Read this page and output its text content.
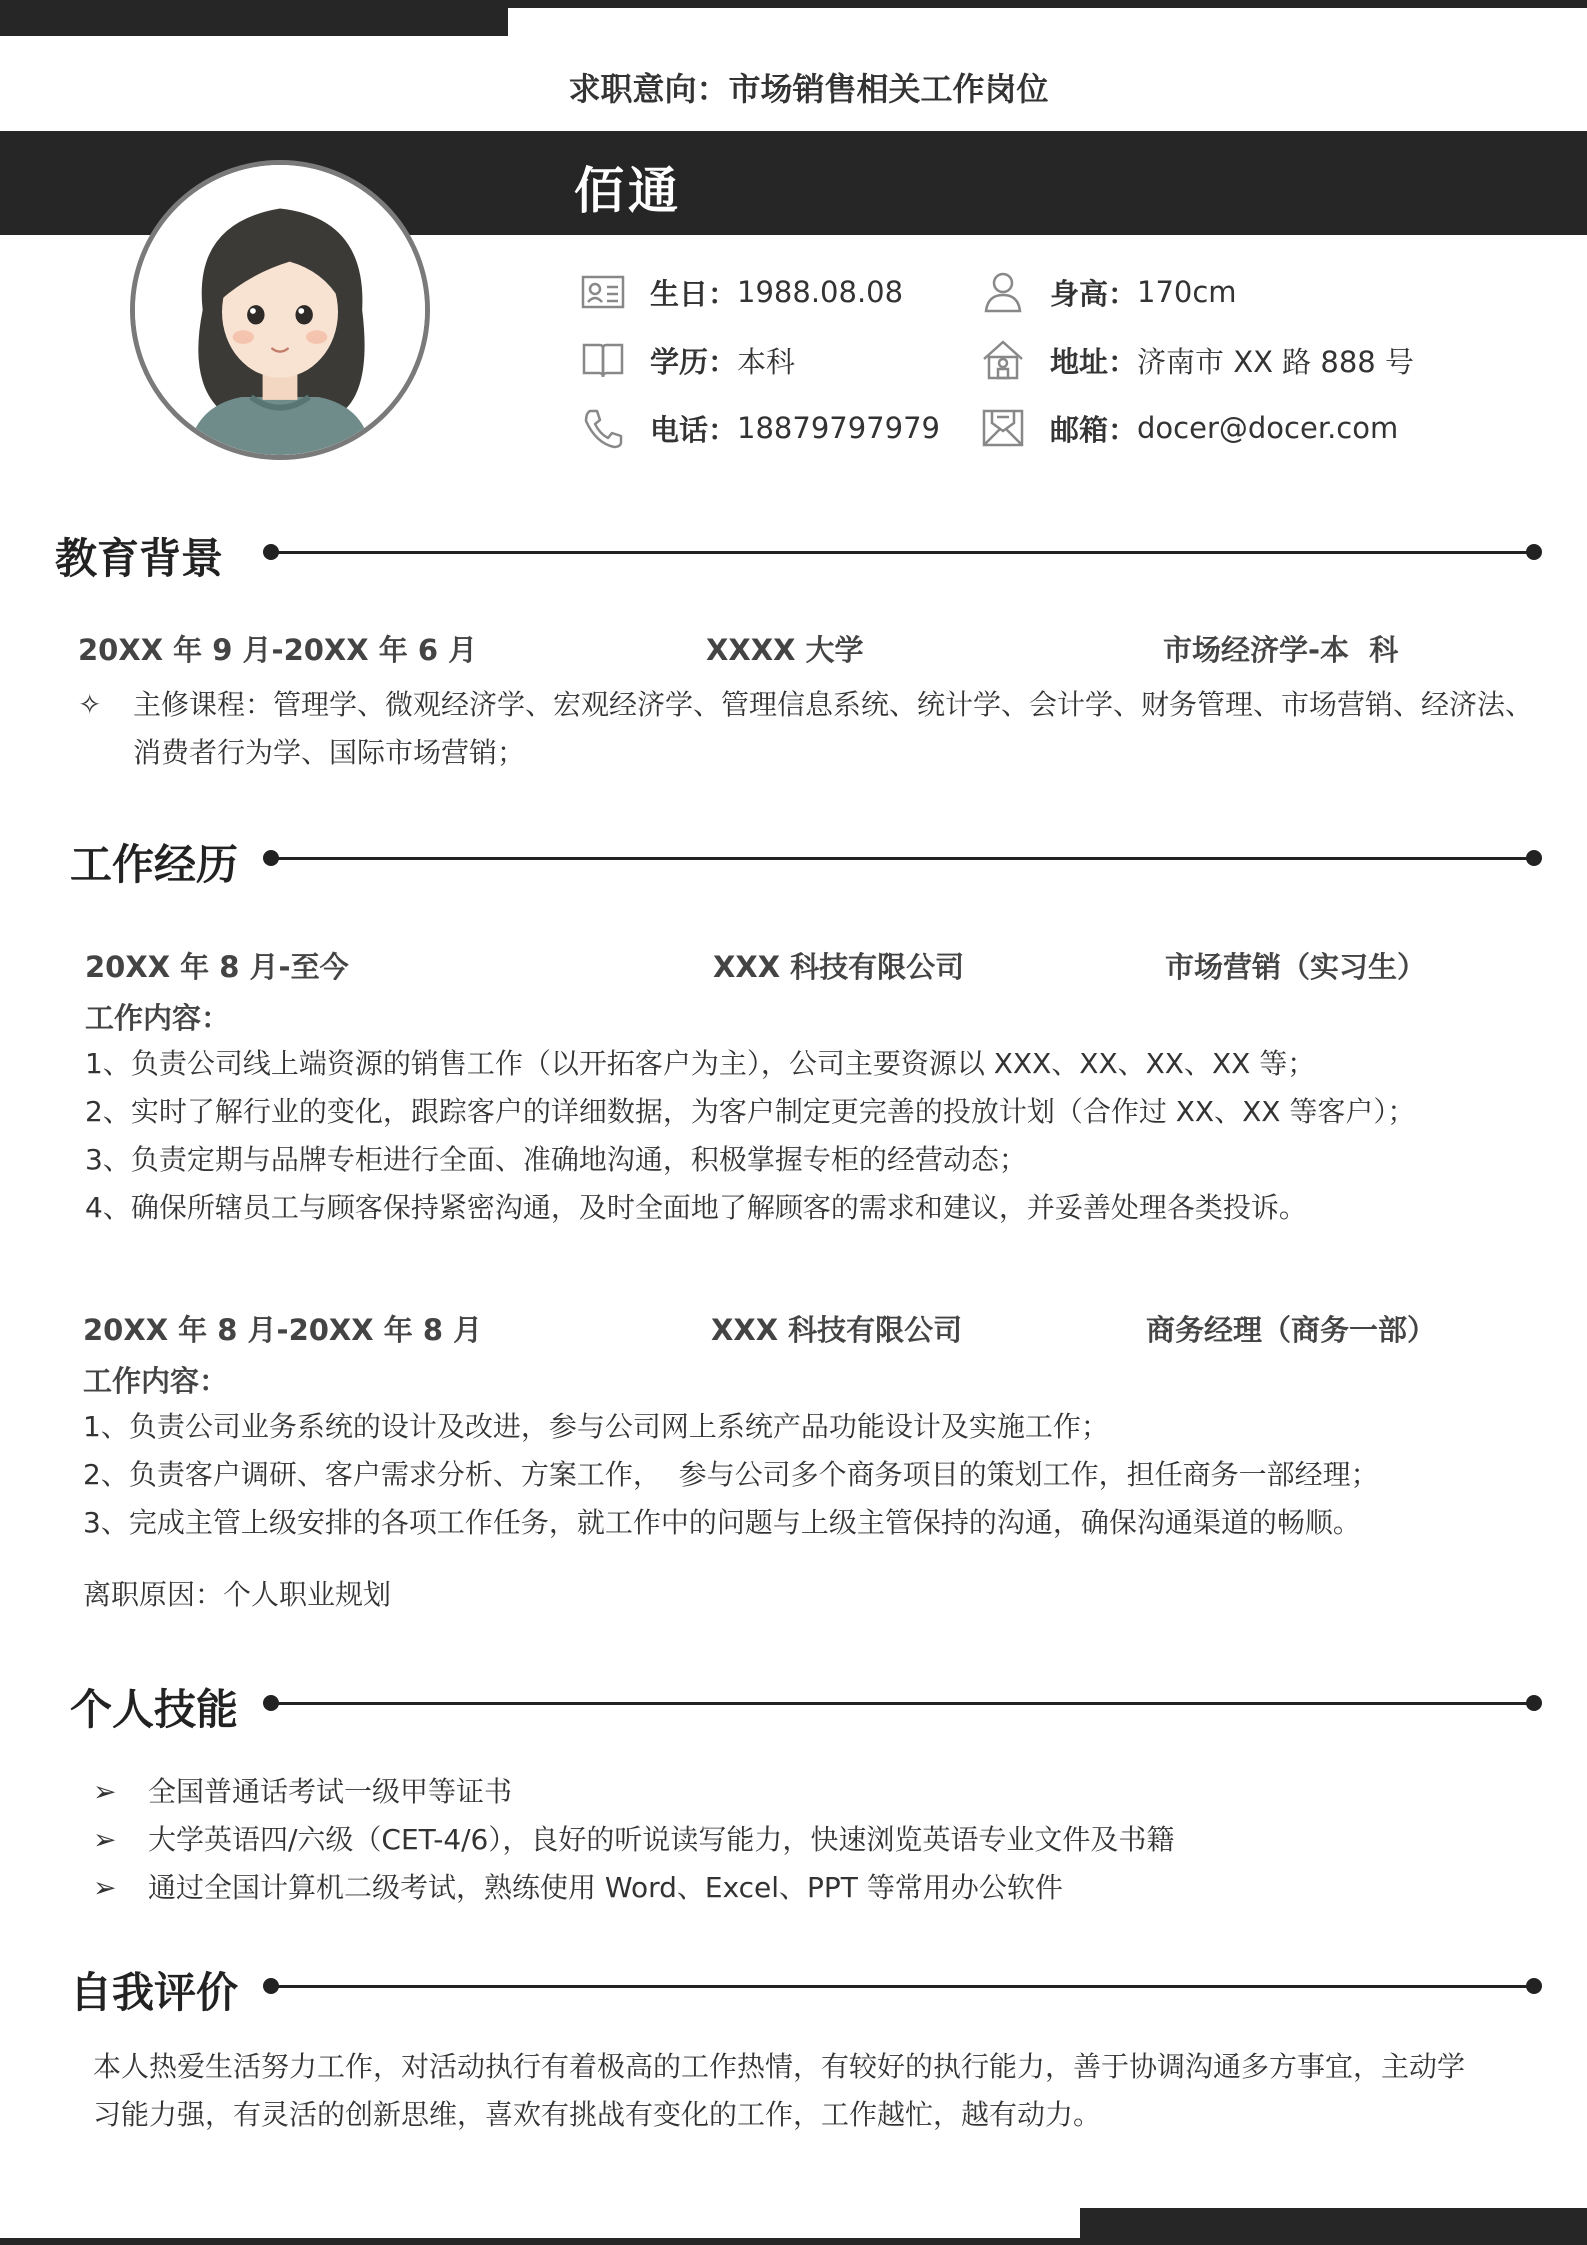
求职意向：市场销售相关工作岗位
佰通
生日： 1988.08.08
学历： 本科
电话： 18879797979
身高： 170cm
地址： 济南市 XX 路 888 号
邮箱： docer@docer.com
教育背景
20XX 年 9 月-20XX 年 6 月	XXXX 大学	市场经济学-本  科
✧ 主修课程：管理学、微观经济学、宏观经济学、管理信息系统、统计学、会计学、财务管理、市场营销、经济法、
消费者行为学、国际市场营销；
工作经历
20XX 年 8 月-至今	XXX 科技有限公司	市场营销（实习生）
工作内容：
1、负责公司线上端资源的销售工作（以开拓客户为主），公司主要资源以 XXX、XX、XX、XX 等；
2、实时了解行业的变化，跟踪客户的详细数据，为客户制定更完善的投放计划（合作过 XX、XX 等客户）；
3、负责定期与品牌专柜进行全面、准确地沟通，积极掌握专柜的经营动态；
4、确保所辖员工与顾客保持紧密沟通，及时全面地了解顾客的需求和建议，并妥善处理各类投诉。
20XX 年 8 月-20XX 年 8 月	XXX 科技有限公司	商务经理（商务一部）
工作内容：
1、负责公司业务系统的设计及改进，参与公司网上系统产品功能设计及实施工作；
2、负责客户调研、客户需求分析、方案工作，  参与公司多个商务项目的策划工作，担任商务一部经理；
3、完成主管上级安排的各项工作任务，就工作中的问题与上级主管保持的沟通，确保沟通渠道的畅顺。
离职原因：个人职业规划
个人技能
➢	全国普通话考试一级甲等证书
➢	大学英语四/六级（CET-4/6），良好的听说读写能力，快速浏览英语专业文件及书籍
➢	通过全国计算机二级考试，熟练使用 Word、Excel、PPT 等常用办公软件
自我评价
本人热爱生活努力工作，对活动执行有着极高的工作热情，有较好的执行能力，善于协调沟通多方事宜，主动学
习能力强，有灵活的创新思维，喜欢有挑战有变化的工作，工作越忙，越有动力。
